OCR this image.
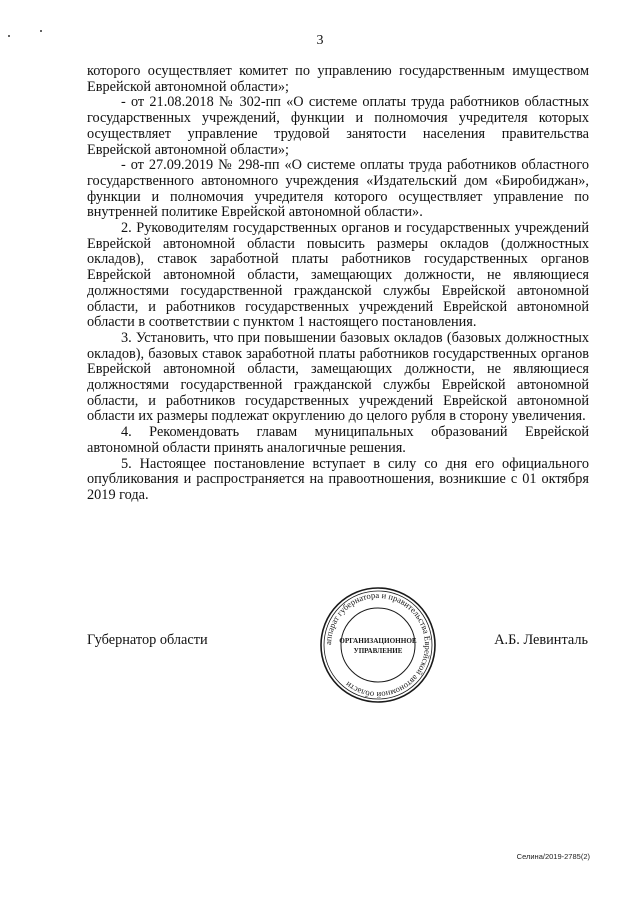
3

которого осуществляет комитет по управлению государственным имуществом Еврейской автономной области»;

- от 21.08.2018 № 302-пп «О системе оплаты труда работников областных государственных учреждений, функции и полномочия учредителя которых осуществляет управление трудовой занятости населения правительства Еврейской автономной области»;

- от 27.09.2019 № 298-пп «О системе оплаты труда работников областного государственного автономного учреждения «Издательский дом «Биробиджан», функции и полномочия учредителя которого осуществляет управление по внутренней политике Еврейской автономной области».

2. Руководителям государственных органов и государственных учреждений Еврейской автономной области повысить размеры окладов (должностных окладов), ставок заработной платы работников государственных органов Еврейской автономной области, замещающих должности, не являющиеся должностями государственной гражданской службы Еврейской автономной области, и работников государственных учреждений Еврейской автономной области в соответствии с пунктом 1 настоящего постановления.

3. Установить, что при повышении базовых окладов (базовых должностных окладов), базовых ставок заработной платы работников государственных органов Еврейской автономной области, замещающих должности, не являющиеся должностями государственной гражданской службы Еврейской автономной области, и работников государственных учреждений Еврейской автономной области их размеры подлежат округлению до целого рубля в сторону увеличения.

4. Рекомендовать главам муниципальных образований Еврейской автономной области принять аналогичные решения.

5. Настоящее постановление вступает в силу со дня его официального опубликования и распространяется на правоотношения, возникшие с 01 октября 2019 года.

Губернатор области	аппарат губернатора и правительства Еврейской автономной области
ОРГАНИЗАЦИОННОЕ
УПРАВЛЕНИЕ
А.Б. Левинталь
Селина/2019-2785(2)
